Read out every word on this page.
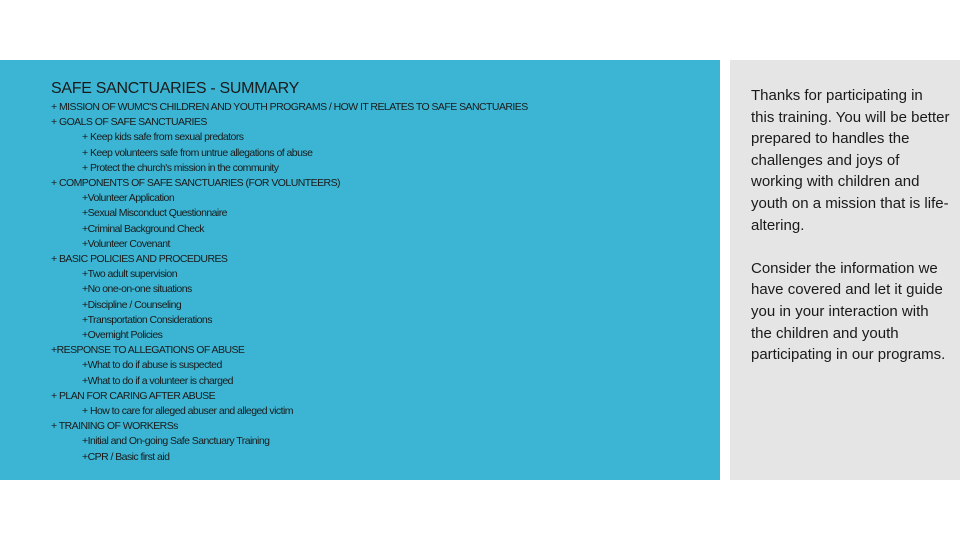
SAFE SANCTUARIES - SUMMARY
+ MISSION OF WUMC'S CHILDREN AND YOUTH PROGRAMS / HOW IT RELATES TO SAFE SANCTUARIES
+ GOALS OF SAFE SANCTUARIES
+ Keep kids safe from sexual predators
+ Keep volunteers safe from untrue allegations of abuse
+ Protect the church's mission in the community
+ COMPONENTS OF SAFE SANCTUARIES (FOR VOLUNTEERS)
+Volunteer Application
+Sexual Misconduct Questionnaire
+Criminal Background Check
+Volunteer Covenant
+ BASIC POLICIES AND PROCEDURES
+Two adult supervision
+No one-on-one situations
+Discipline / Counseling
+Transportation Considerations
+Overnight Policies
+RESPONSE TO ALLEGATIONS OF ABUSE
+What to do if abuse is suspected
+What to do if a volunteer is charged
+ PLAN FOR CARING AFTER ABUSE
+ How to care for alleged abuser and alleged victim
+ TRAINING OF WORKERSs
+Initial and On-going Safe Sanctuary Training
+CPR / Basic first aid

Thanks for participating in this training. You will be better prepared to handles the challenges and joys of working with children and youth on a mission that is life-altering.

Consider the information we have covered and let it guide you in your interaction with the children and youth participating in our programs.
